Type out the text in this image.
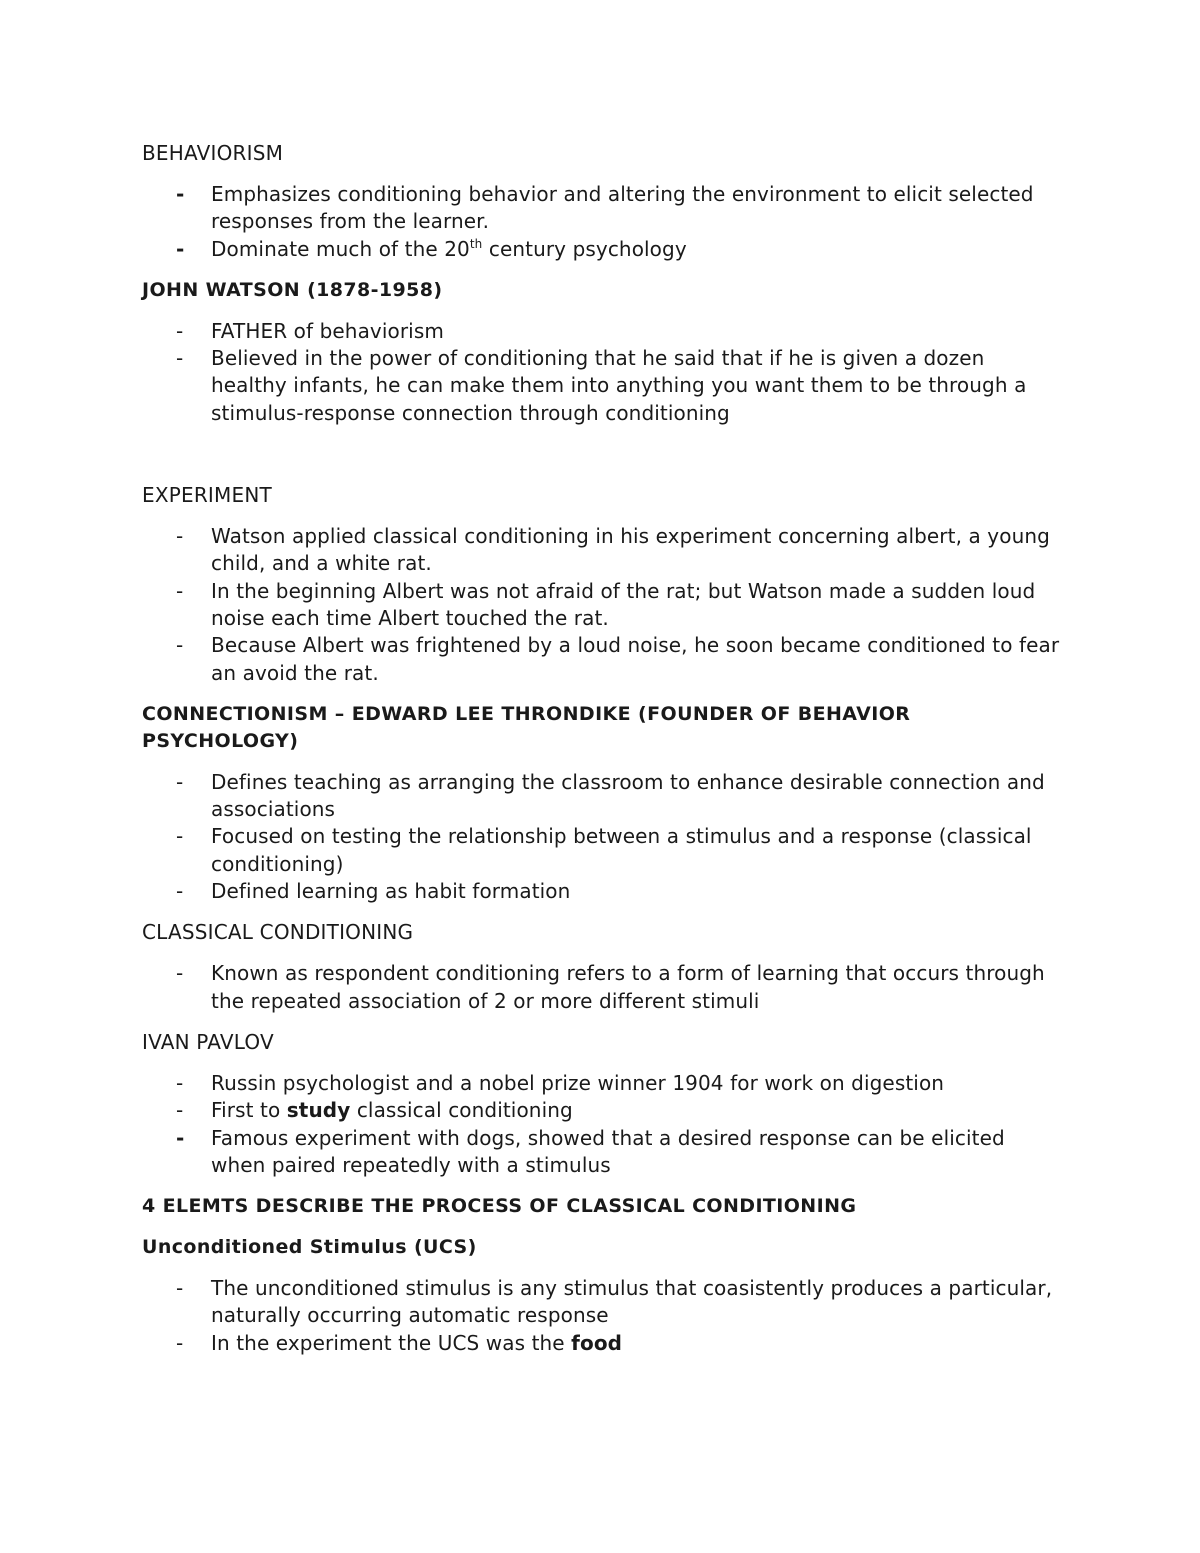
BEHAVIORISM
- Emphasizes conditioning behavior and altering the environment to elicit selected responses from the learner.
- Dominate much of the 20th century psychology
JOHN WATSON (1878-1958)
- FATHER of behaviorism
- Believed in the power of conditioning that he said that if he is given a dozen healthy infants, he can make them into anything you want them to be through a stimulus-response connection through conditioning
EXPERIMENT
- Watson applied classical conditioning in his experiment concerning albert, a young child, and a white rat.
- In the beginning Albert was not afraid of the rat; but Watson made a sudden loud noise each time Albert touched the rat.
- Because Albert was frightened by a loud noise, he soon became conditioned to fear an avoid the rat.
CONNECTIONISM – EDWARD LEE THRONDIKE (FOUNDER OF BEHAVIOR PSYCHOLOGY)
- Defines teaching as arranging the classroom to enhance desirable connection and associations
- Focused on testing the relationship between a stimulus and a response (classical conditioning)
- Defined learning as habit formation
CLASSICAL CONDITIONING
- Known as respondent conditioning refers to a form of learning that occurs through the repeated association of 2 or more different stimuli
IVAN PAVLOV
- Russin psychologist and a nobel prize winner 1904 for work on digestion
- First to study classical conditioning
- Famous experiment with dogs, showed that a desired response can be elicited when paired repeatedly with a stimulus
4 ELEMTS DESCRIBE THE PROCESS OF CLASSICAL CONDITIONING
Unconditioned Stimulus (UCS)
- The unconditioned stimulus is any stimulus that coasistently produces a particular, naturally occurring automatic response
- In the experiment the UCS was the food
